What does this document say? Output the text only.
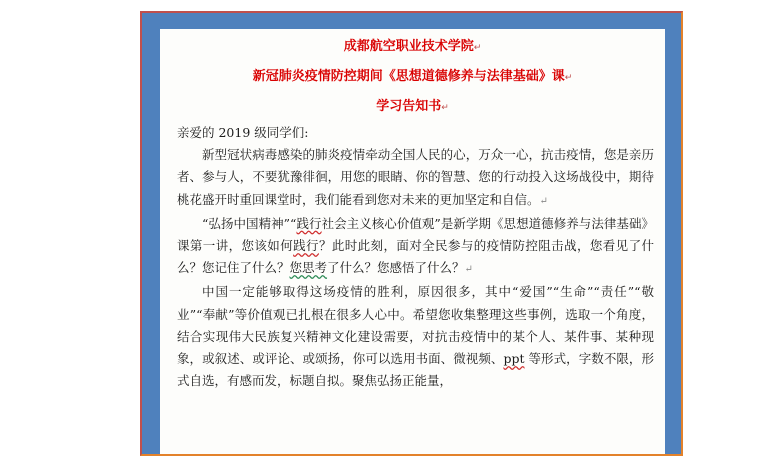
成都航空职业技术学院↵
新冠肺炎疫情防控期间《思想道德修养与法律基础》课↵
学习告知书↵

亲爱的 2019 级同学们:

新型冠状病毒感染的肺炎疫情牵动全国人民的心，万众一心，抗击疫情，您是亲历者、参与人，不要犹豫徘徊，用您的眼睛、你的智慧、您的行动投入这场战役中，期待桃花盛开时重回课堂时，我们能看到您对未来的更加坚定和自信。↵

“弘扬中国精神”“践行社会主义核心价值观”是新学期《思想道德修养与法律基础》课第一讲，您该如何践行？此时此刻，面对全民参与的疫情防控阻击战，您看见了什么？您记住了什么？您思考了什么？您感悟了什么？↵

中国一定能够取得这场疫情的胜利，原因很多，其中“爱国”“生命”“责任”“敬业”“奉献”等价值观已扎根在很多人心中。希望您收集整理这些事例，选取一个角度，结合实现伟大民族复兴精神文化建设需要，对抗击疫情中的某个人、某件事、某种现象，或叙述、或评论、或颂扬，你可以选用书面、微视频、ppt 等形式，字数不限，形式自选，有感而发，标题自拟。聚焦弘扬正能量，
